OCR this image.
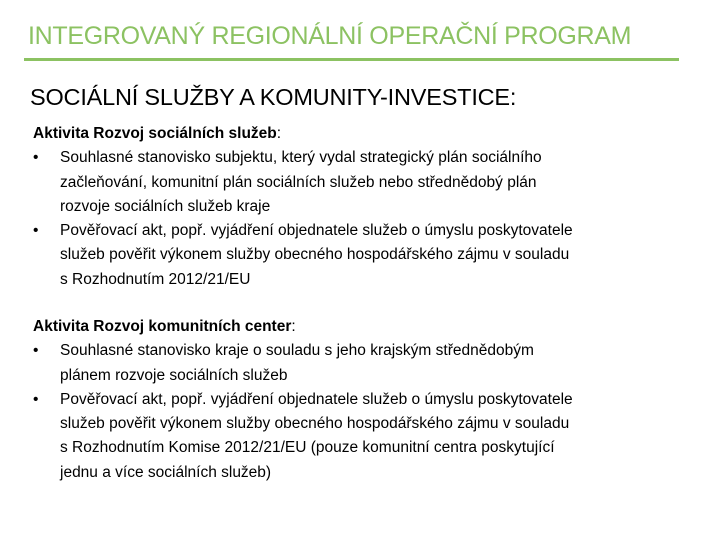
INTEGROVANÝ REGIONÁLNÍ OPERAČNÍ PROGRAM
SOCIÁLNÍ SLUŽBY A KOMUNITY-INVESTICE:
Aktivita Rozvoj sociálních služeb:
• Souhlasné stanovisko subjektu, který vydal strategický plán sociálního
začleňování, komunitní plán sociálních služeb nebo střednědobý plán
rozvoje sociálních služeb kraje
• Pověřovací akt, popř. vyjádření objednatele služeb o úmyslu poskytovatele
služeb pověřit výkonem služby obecného hospodářského zájmu v souladu
s Rozhodnutím 2012/21/EU
Aktivita Rozvoj komunitních center:
• Souhlasné stanovisko kraje o souladu s jeho krajským střednědobým
plánem rozvoje sociálních služeb
• Pověřovací akt, popř. vyjádření objednatele služeb o úmyslu poskytovatele
služeb pověřit výkonem služby obecného hospodářského zájmu v souladu
s Rozhodnutím Komise 2012/21/EU (pouze komunitní centra poskytující
jednu a více sociálních služeb)
